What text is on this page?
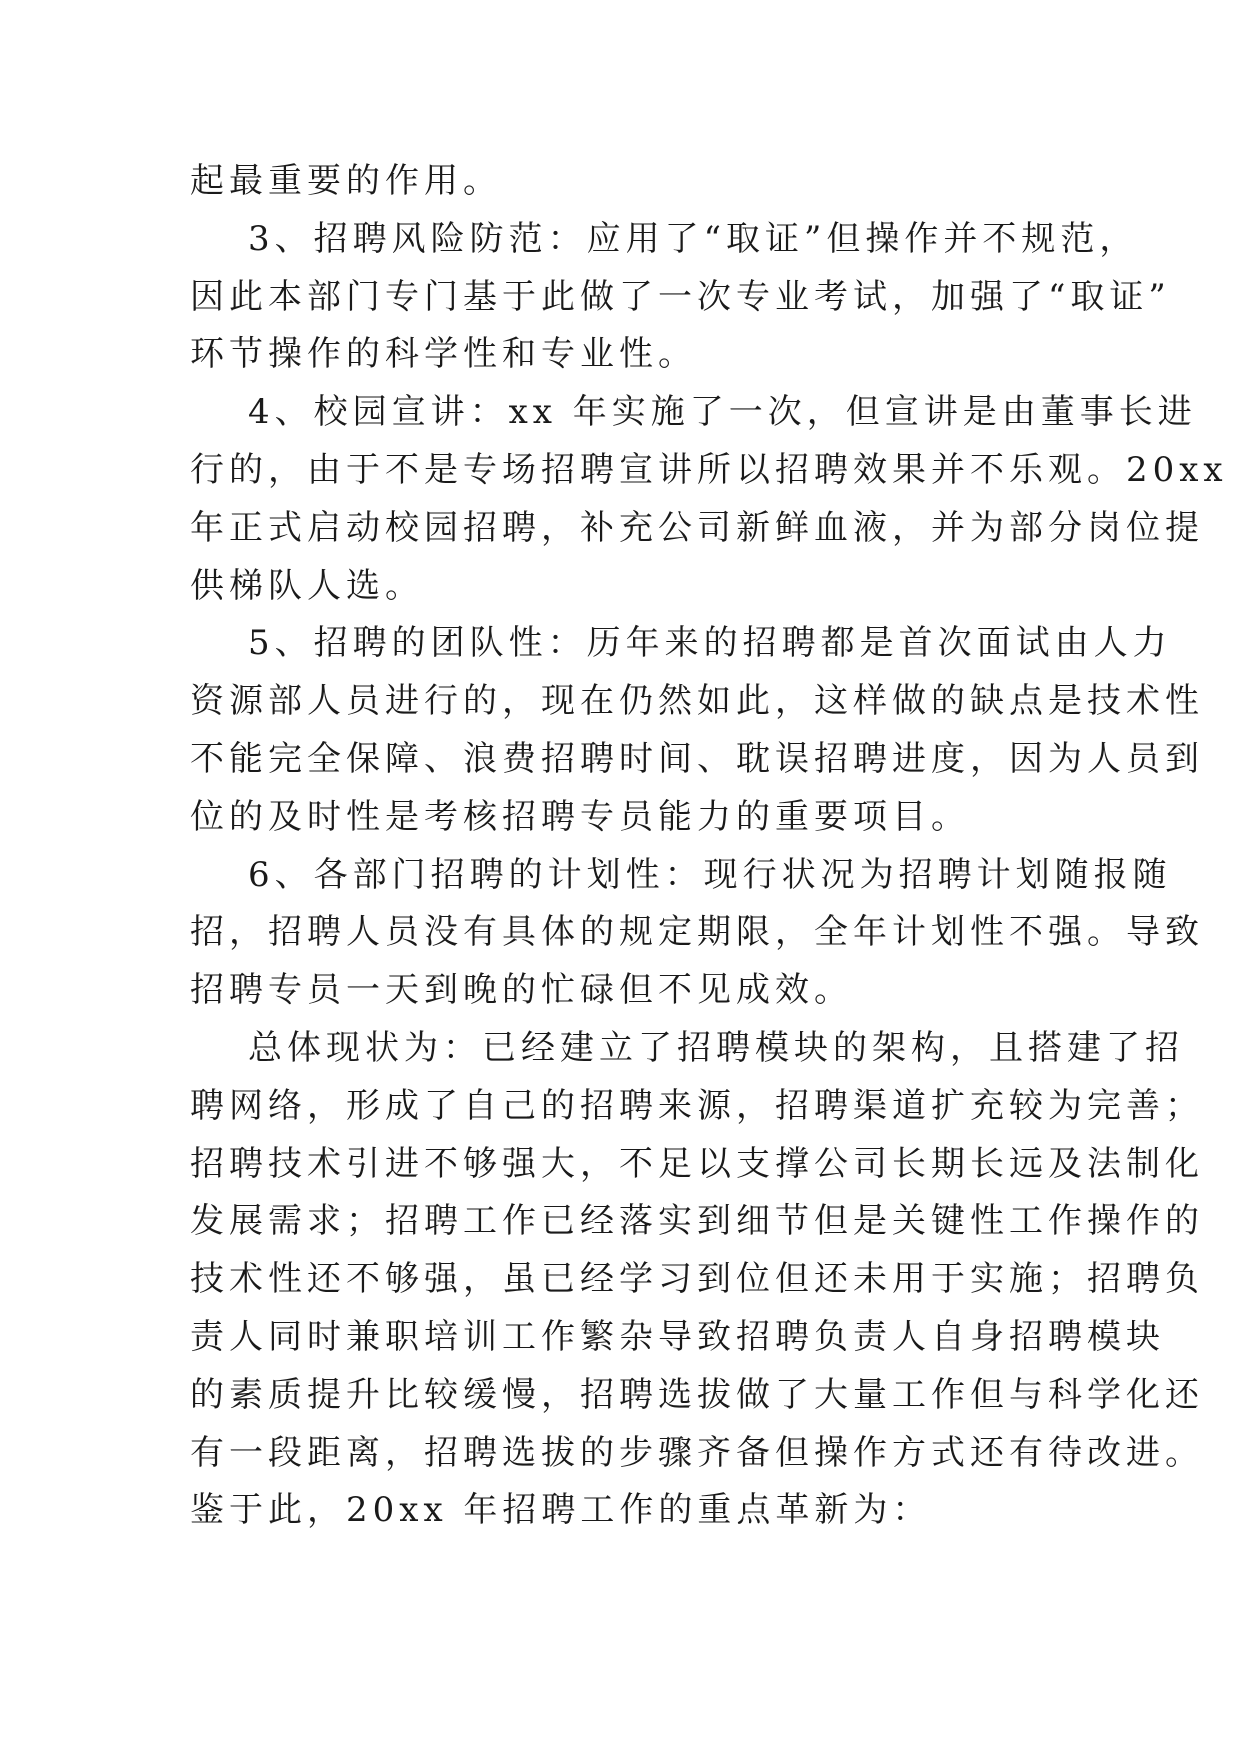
起最重要的作用。
3、招聘风险防范：应用了“取证”但操作并不规范，
因此本部门专门基于此做了一次专业考试，加强了“取证”
环节操作的科学性和专业性。
4、校园宣讲：xx 年实施了一次，但宣讲是由董事长进
行的，由于不是专场招聘宣讲所以招聘效果并不乐观。20xx
年正式启动校园招聘，补充公司新鲜血液，并为部分岗位提
供梯队人选。
5、招聘的团队性：历年来的招聘都是首次面试由人力
资源部人员进行的，现在仍然如此，这样做的缺点是技术性
不能完全保障、浪费招聘时间、耽误招聘进度，因为人员到
位的及时性是考核招聘专员能力的重要项目。
6、各部门招聘的计划性：现行状况为招聘计划随报随
招，招聘人员没有具体的规定期限，全年计划性不强。导致
招聘专员一天到晚的忙碌但不见成效。
总体现状为：已经建立了招聘模块的架构，且搭建了招
聘网络，形成了自己的招聘来源，招聘渠道扩充较为完善；
招聘技术引进不够强大，不足以支撑公司长期长远及法制化
发展需求；招聘工作已经落实到细节但是关键性工作操作的
技术性还不够强，虽已经学习到位但还未用于实施；招聘负
责人同时兼职培训工作繁杂导致招聘负责人自身招聘模块
的素质提升比较缓慢，招聘选拔做了大量工作但与科学化还
有一段距离，招聘选拔的步骤齐备但操作方式还有待改进。
鉴于此，20xx 年招聘工作的重点革新为：
